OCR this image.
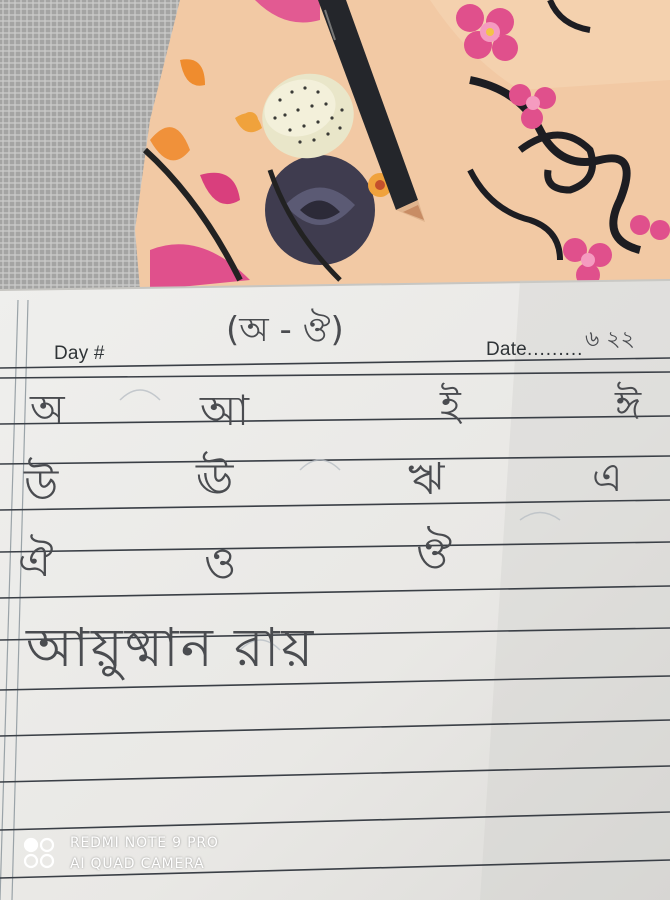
Day #	Date......... ৬ ২২
(অ - ঔ)
অ	আ	ই	ঈ
উ	ঊ	ঋ	এ
ঐ	ও	ঔ
আয়ুষ্মান রায়
REDMI NOTE 9 PRO
AI QUAD CAMERA
